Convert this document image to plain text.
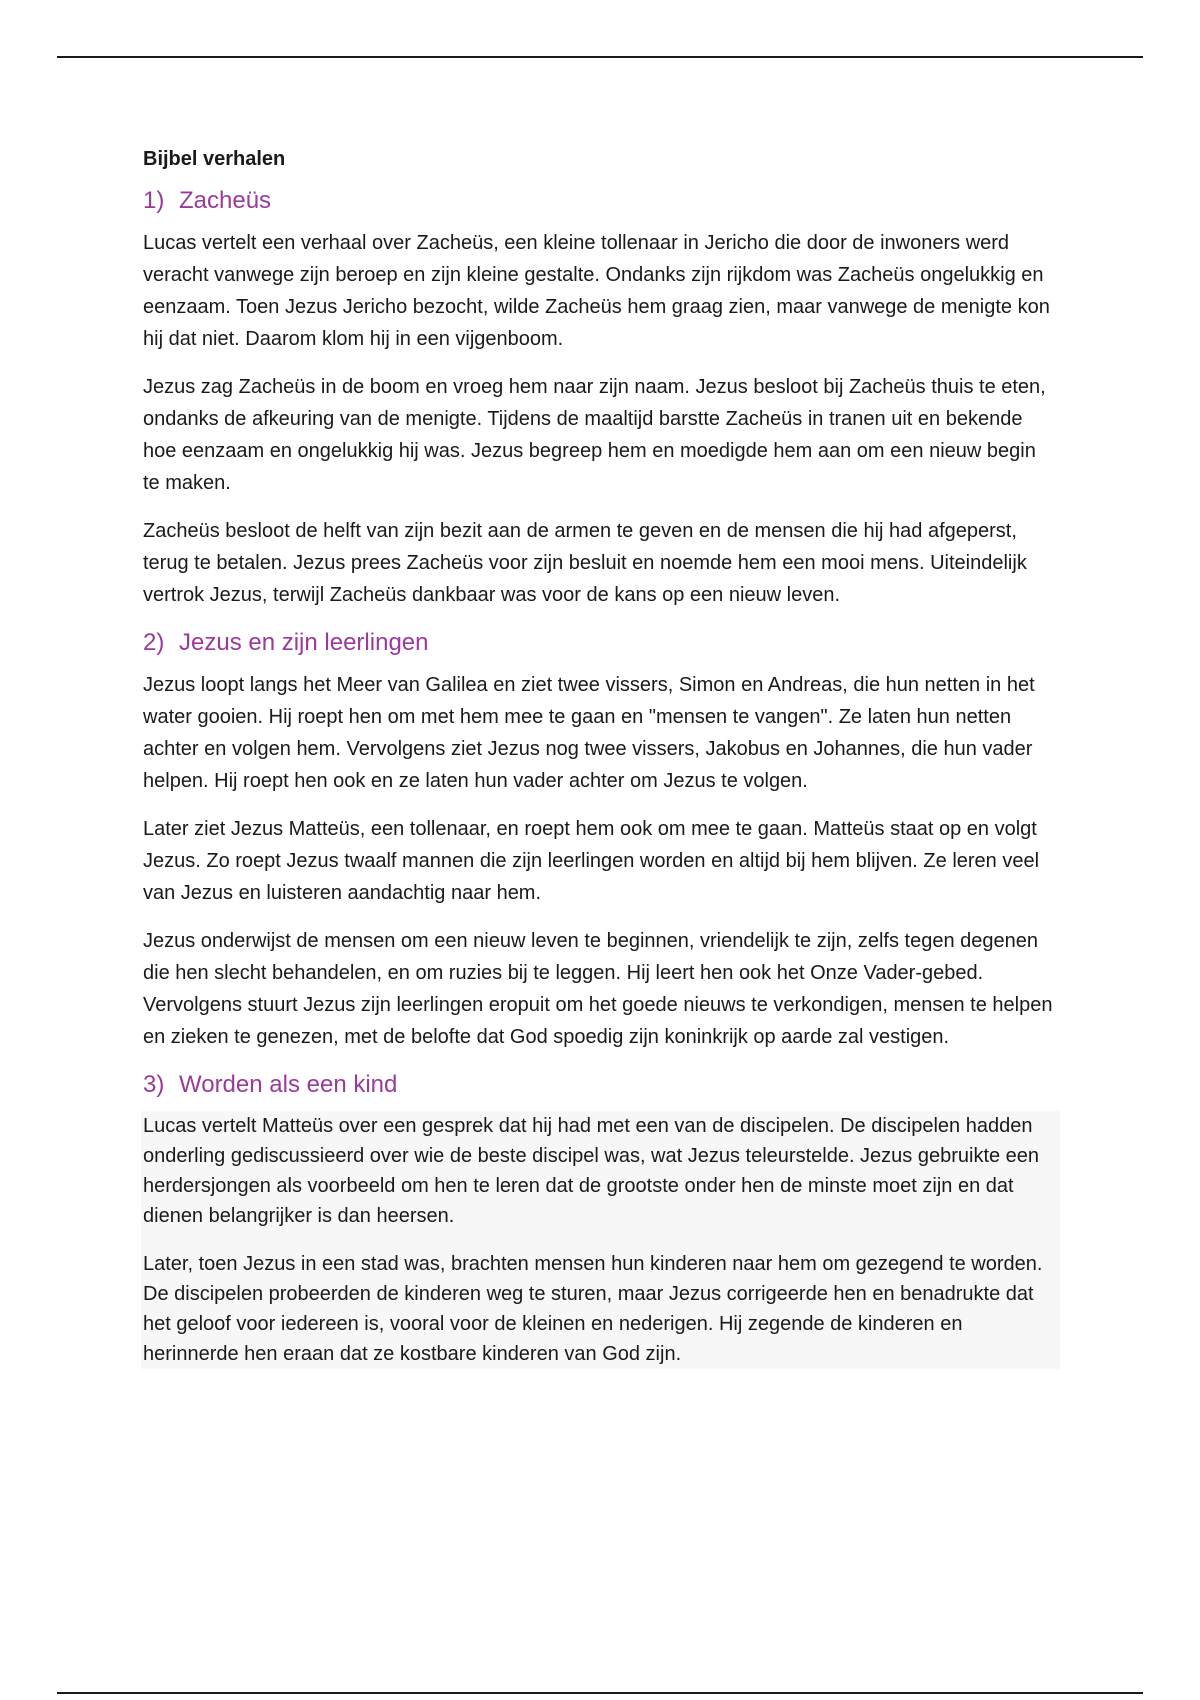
Bijbel verhalen
1) Zacheüs

Lucas vertelt een verhaal over Zacheüs, een kleine tollenaar in Jericho die door de inwoners werd veracht vanwege zijn beroep en zijn kleine gestalte. Ondanks zijn rijkdom was Zacheüs ongelukkig en eenzaam. Toen Jezus Jericho bezocht, wilde Zacheüs hem graag zien, maar vanwege de menigte kon hij dat niet. Daarom klom hij in een vijgenboom.

Jezus zag Zacheüs in de boom en vroeg hem naar zijn naam. Jezus besloot bij Zacheüs thuis te eten, ondanks de afkeuring van de menigte. Tijdens de maaltijd barstte Zacheüs in tranen uit en bekende hoe eenzaam en ongelukkig hij was. Jezus begreep hem en moedigde hem aan om een nieuw begin te maken.

Zacheüs besloot de helft van zijn bezit aan de armen te geven en de mensen die hij had afgeperst, terug te betalen. Jezus prees Zacheüs voor zijn besluit en noemde hem een mooi mens. Uiteindelijk vertrok Jezus, terwijl Zacheüs dankbaar was voor de kans op een nieuw leven.

2) Jezus en zijn leerlingen

Jezus loopt langs het Meer van Galilea en ziet twee vissers, Simon en Andreas, die hun netten in het water gooien. Hij roept hen om met hem mee te gaan en "mensen te vangen". Ze laten hun netten achter en volgen hem. Vervolgens ziet Jezus nog twee vissers, Jakobus en Johannes, die hun vader helpen. Hij roept hen ook en ze laten hun vader achter om Jezus te volgen.

Later ziet Jezus Matteüs, een tollenaar, en roept hem ook om mee te gaan. Matteüs staat op en volgt Jezus. Zo roept Jezus twaalf mannen die zijn leerlingen worden en altijd bij hem blijven. Ze leren veel van Jezus en luisteren aandachtig naar hem.

Jezus onderwijst de mensen om een nieuw leven te beginnen, vriendelijk te zijn, zelfs tegen degenen die hen slecht behandelen, en om ruzies bij te leggen. Hij leert hen ook het Onze Vader-gebed. Vervolgens stuurt Jezus zijn leerlingen eropuit om het goede nieuws te verkondigen, mensen te helpen en zieken te genezen, met de belofte dat God spoedig zijn koninkrijk op aarde zal vestigen.

3) Worden als een kind

Lucas vertelt Matteüs over een gesprek dat hij had met een van de discipelen. De discipelen hadden onderling gediscussieerd over wie de beste discipel was, wat Jezus teleurstelde. Jezus gebruikte een herdersjongen als voorbeeld om hen te leren dat de grootste onder hen de minste moet zijn en dat dienen belangrijker is dan heersen.

Later, toen Jezus in een stad was, brachten mensen hun kinderen naar hem om gezegend te worden. De discipelen probeerden de kinderen weg te sturen, maar Jezus corrigeerde hen en benadrukte dat het geloof voor iedereen is, vooral voor de kleinen en nederigen. Hij zegende de kinderen en herinnerde hen eraan dat ze kostbare kinderen van God zijn.
